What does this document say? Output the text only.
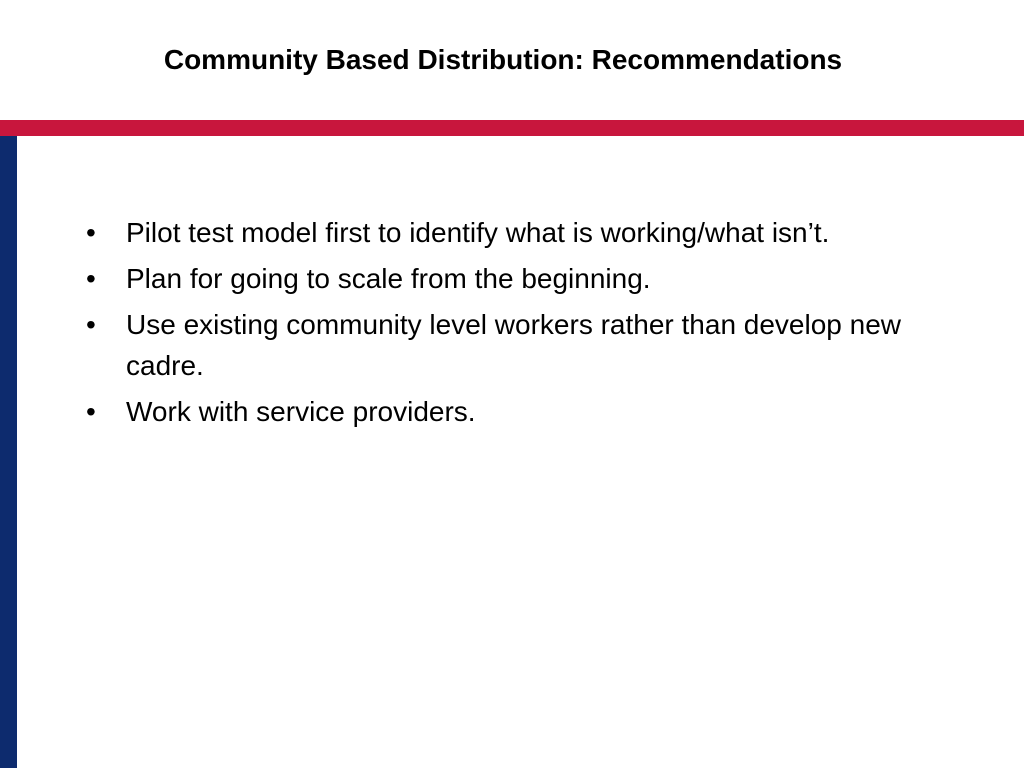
Community Based Distribution: Recommendations
•	Pilot test model first to identify what is working/what isn’t.
•	Plan for going to scale from the beginning.
•	Use existing community level workers rather than develop new cadre.
•	Work with service providers.
